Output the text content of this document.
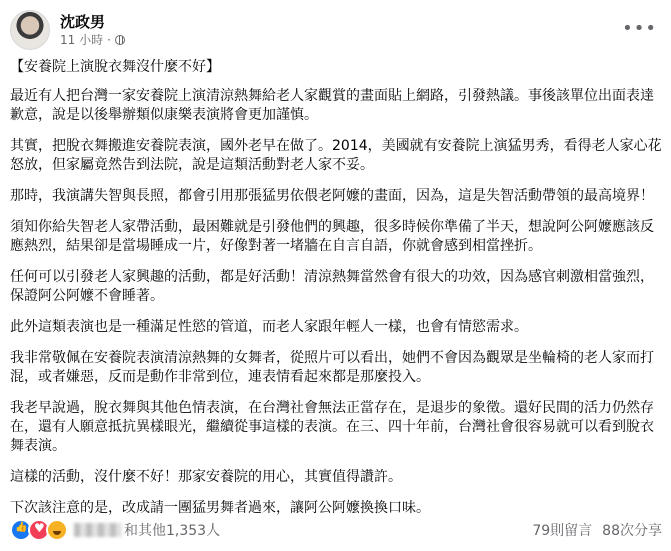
沈政男
11 小時 ·
•••

【安養院上演脫衣舞沒什麼不好】

最近有人把台灣一家安養院上演清涼熱舞給老人家觀賞的畫面貼上網路，引發熱議。事後該單位出面表達歉意，說是以後舉辦類似康樂表演將會更加謹慎。

其實，把脫衣舞搬進安養院表演，國外老早在做了。2014，美國就有安養院上演猛男秀，看得老人家心花怒放，但家屬竟然告到法院，說是這類活動對老人家不妥。

那時，我演講失智與長照，都會引用那張猛男依偎老阿嬤的畫面，因為，這是失智活動帶領的最高境界！

須知你給失智老人家帶活動，最困難就是引發他們的興趣，很多時候你準備了半天，想說阿公阿嬤應該反應熱烈，結果卻是當場睡成一片，好像對著一堵牆在自言自語，你就會感到相當挫折。

任何可以引發老人家興趣的活動，都是好活動！清涼熱舞當然會有很大的功效，因為感官刺激相當強烈，保證阿公阿嬤不會睡著。

此外這類表演也是一種滿足性慾的管道，而老人家跟年輕人一樣，也會有情慾需求。

我非常敬佩在安養院表演清涼熱舞的女舞者，從照片可以看出，她們不會因為觀眾是坐輪椅的老人家而打混，或者嫌惡，反而是動作非常到位，連表情看起來都是那麼投入。

我老早說過，脫衣舞與其他色情表演，在台灣社會無法正當存在，是退步的象徵。還好民間的活力仍然存在，還有人願意抵抗異樣眼光，繼續從事這樣的表演。在三、四十年前，台灣社會很容易就可以看到脫衣舞表演。

這樣的活動，沒什麼不好！那家安養院的用心，其實值得讚許。

下次該注意的是，改成請一團猛男舞者過來，讓阿公阿嬤換換口味。

👍
♥
和其他1,353人	79則留言 88次分享
